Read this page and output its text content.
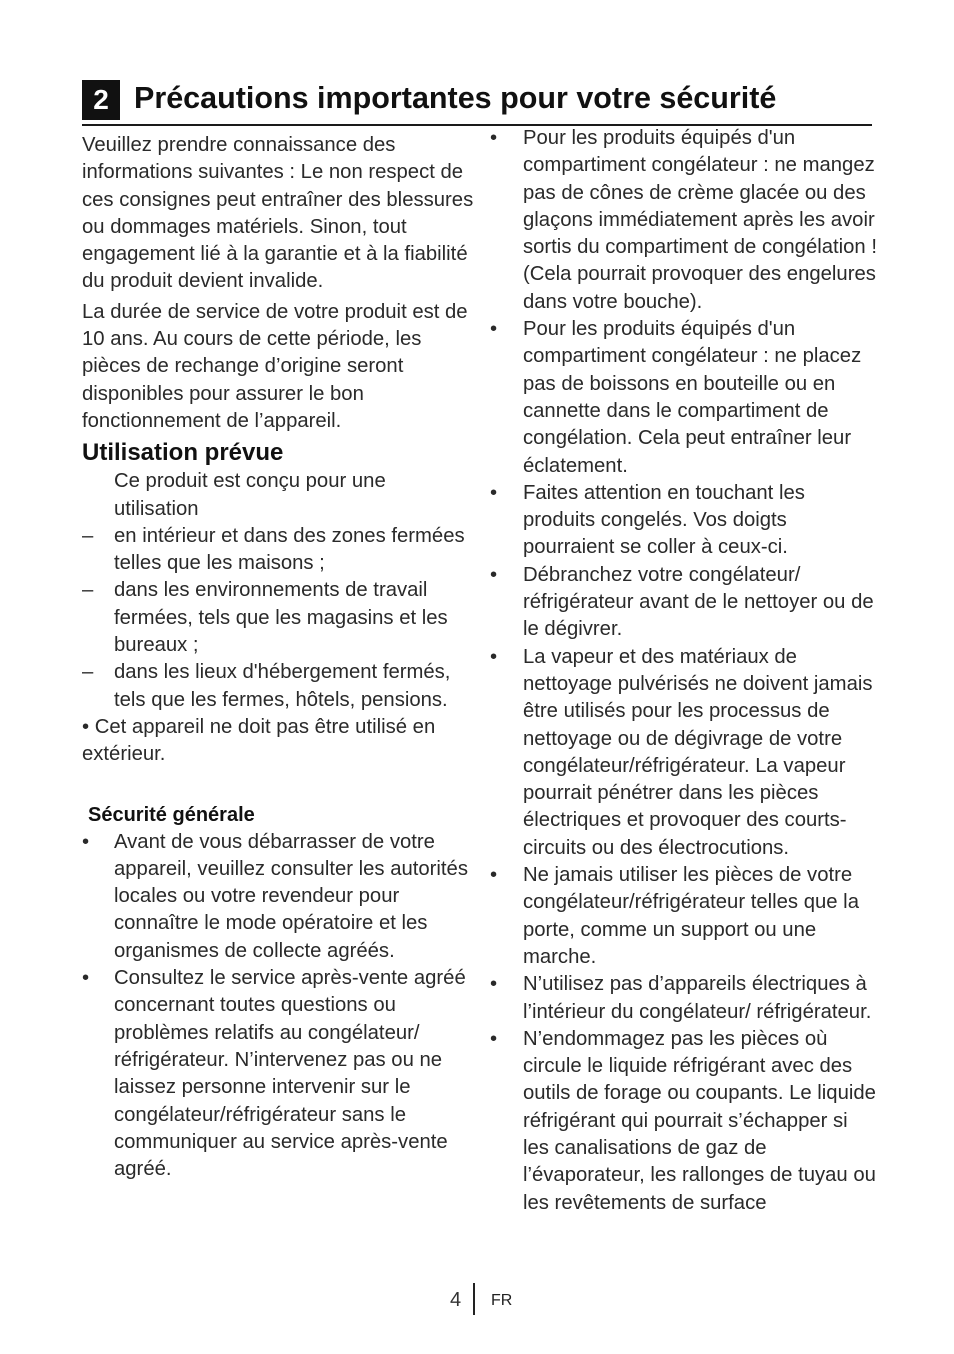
2 Précautions importantes pour votre sécurité

Veuillez prendre connaissance des informations suivantes : Le non respect de ces consignes peut entraîner des blessures ou dommages matériels. Sinon, tout engagement lié à la garantie et à la fiabilité du produit devient invalide.

La durée de service de votre produit est de 10 ans. Au cours de cette période, les pièces de rechange d’origine seront disponibles pour assurer le bon fonctionnement de l’appareil.

Utilisation prévue

Ce produit est conçu pour une utilisation

–	en intérieur et dans des zones fermées telles que les maisons ;
–	dans les environnements de travail fermées, tels que les magasins et les bureaux ;
–	dans les lieux d'hébergement fermés, tels que les fermes, hôtels, pensions.

• Cet appareil ne doit pas être utilisé en extérieur.

Sécurité générale
•	Avant de vous débarrasser de votre appareil, veuillez consulter les autorités locales ou votre revendeur pour connaître le mode opératoire et les organismes de collecte agréés.
•	Consultez le service après-vente agréé concernant toutes questions ou problèmes relatifs au congélateur/ réfrigérateur. N’intervenez pas ou ne laissez personne intervenir sur le congélateur/réfrigérateur sans le communiquer au service après-vente agréé.
•	Pour les produits équipés d'un compartiment congélateur : ne mangez pas de cônes de crème glacée ou des glaçons immédiatement après les avoir sortis du compartiment de congélation ! (Cela pourrait provoquer des engelures dans votre bouche).
•	Pour les produits équipés d'un compartiment congélateur : ne placez pas de boissons en bouteille ou en cannette dans le compartiment de congélation. Cela peut entraîner leur éclatement.
•	Faites attention en touchant les produits congelés. Vos doigts pourraient se coller à ceux-ci.
•	Débranchez votre congélateur/ réfrigérateur avant de le nettoyer ou de le dégivrer.
•	La vapeur et des matériaux de nettoyage pulvérisés ne doivent jamais être utilisés pour les processus de nettoyage ou de dégivrage de votre congélateur/réfrigérateur. La vapeur pourrait pénétrer dans les pièces électriques et provoquer des courts-circuits ou des électrocutions.
•	Ne jamais utiliser les pièces de votre congélateur/réfrigérateur telles que la porte, comme un support ou une marche.
•	N’utilisez pas d’appareils électriques à l’intérieur du congélateur/ réfrigérateur.
•	N’endommagez pas les pièces où circule le liquide réfrigérant avec des outils de forage ou coupants. Le liquide réfrigérant qui pourrait s’échapper si les canalisations de gaz de l’évaporateur, les rallonges de tuyau ou les revêtements de surface
4 FR
